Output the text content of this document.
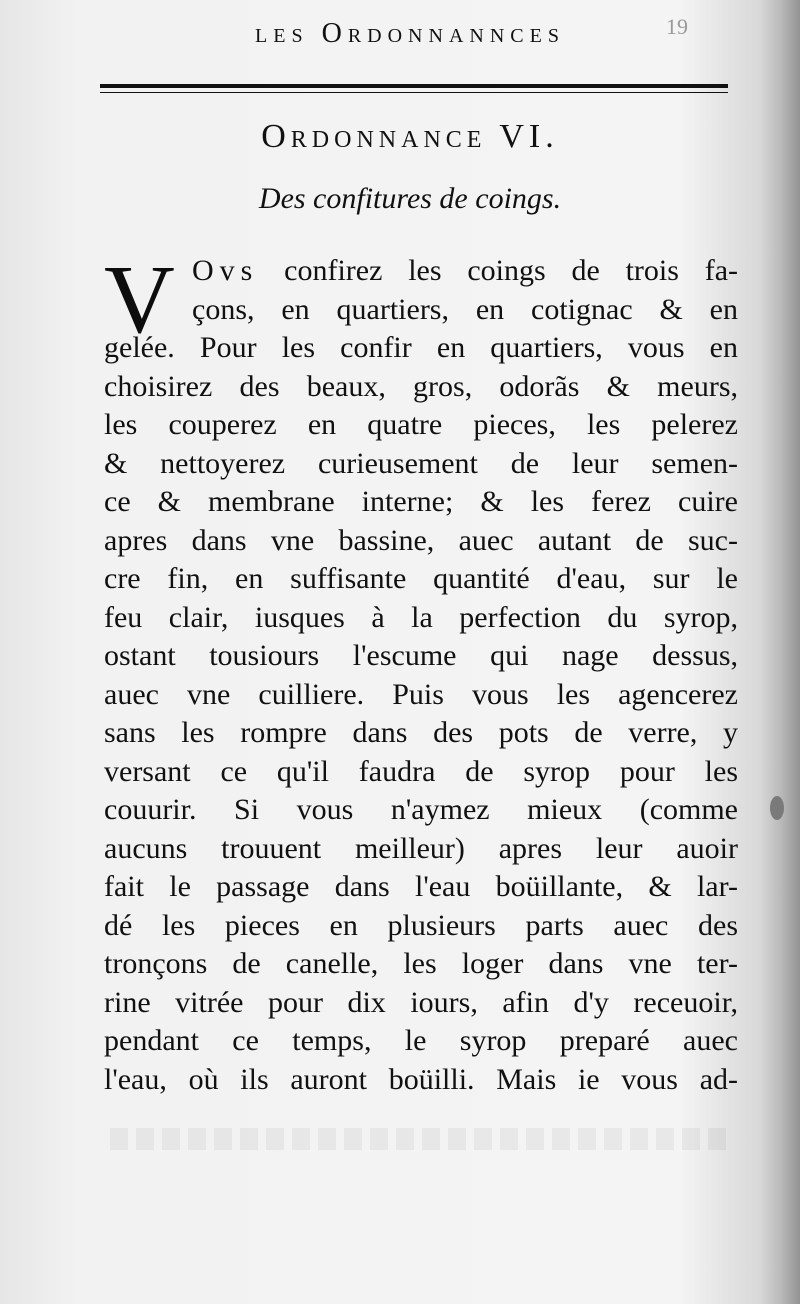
les Ordonnannces	19
Ordonnance VI.
Des confitures de coings.
V Ovs confirez les coings de trois fa-
çons, en quartiers, en cotignac & en
gelée. Pour les confir en quartiers, vous en
choisirez des beaux, gros, odorãs & meurs,
les couperez en quatre pieces, les pelerez
& nettoyerez curieusement de leur semen-
ce & membrane interne; & les ferez cuire
apres dans vne bassine, auec autant de suc-
cre fin, en suffisante quantité d'eau, sur le
feu clair, iusques à la perfection du syrop,
ostant tousiours l'escume qui nage dessus,
auec vne cuilliere. Puis vous les agencerez
sans les rompre dans des pots de verre, y
versant ce qu'il faudra de syrop pour les
couurir. Si vous n'aymez mieux (comme
aucuns trouuent meilleur) apres leur auoir
fait le passage dans l'eau boüillante, & lar-
dé les pieces en plusieurs parts auec des
tronçons de canelle, les loger dans vne ter-
rine vitrée pour dix iours, afin d'y receuoir,
pendant ce temps, le syrop preparé auec
l'eau, où ils auront boüilli. Mais ie vous ad-
